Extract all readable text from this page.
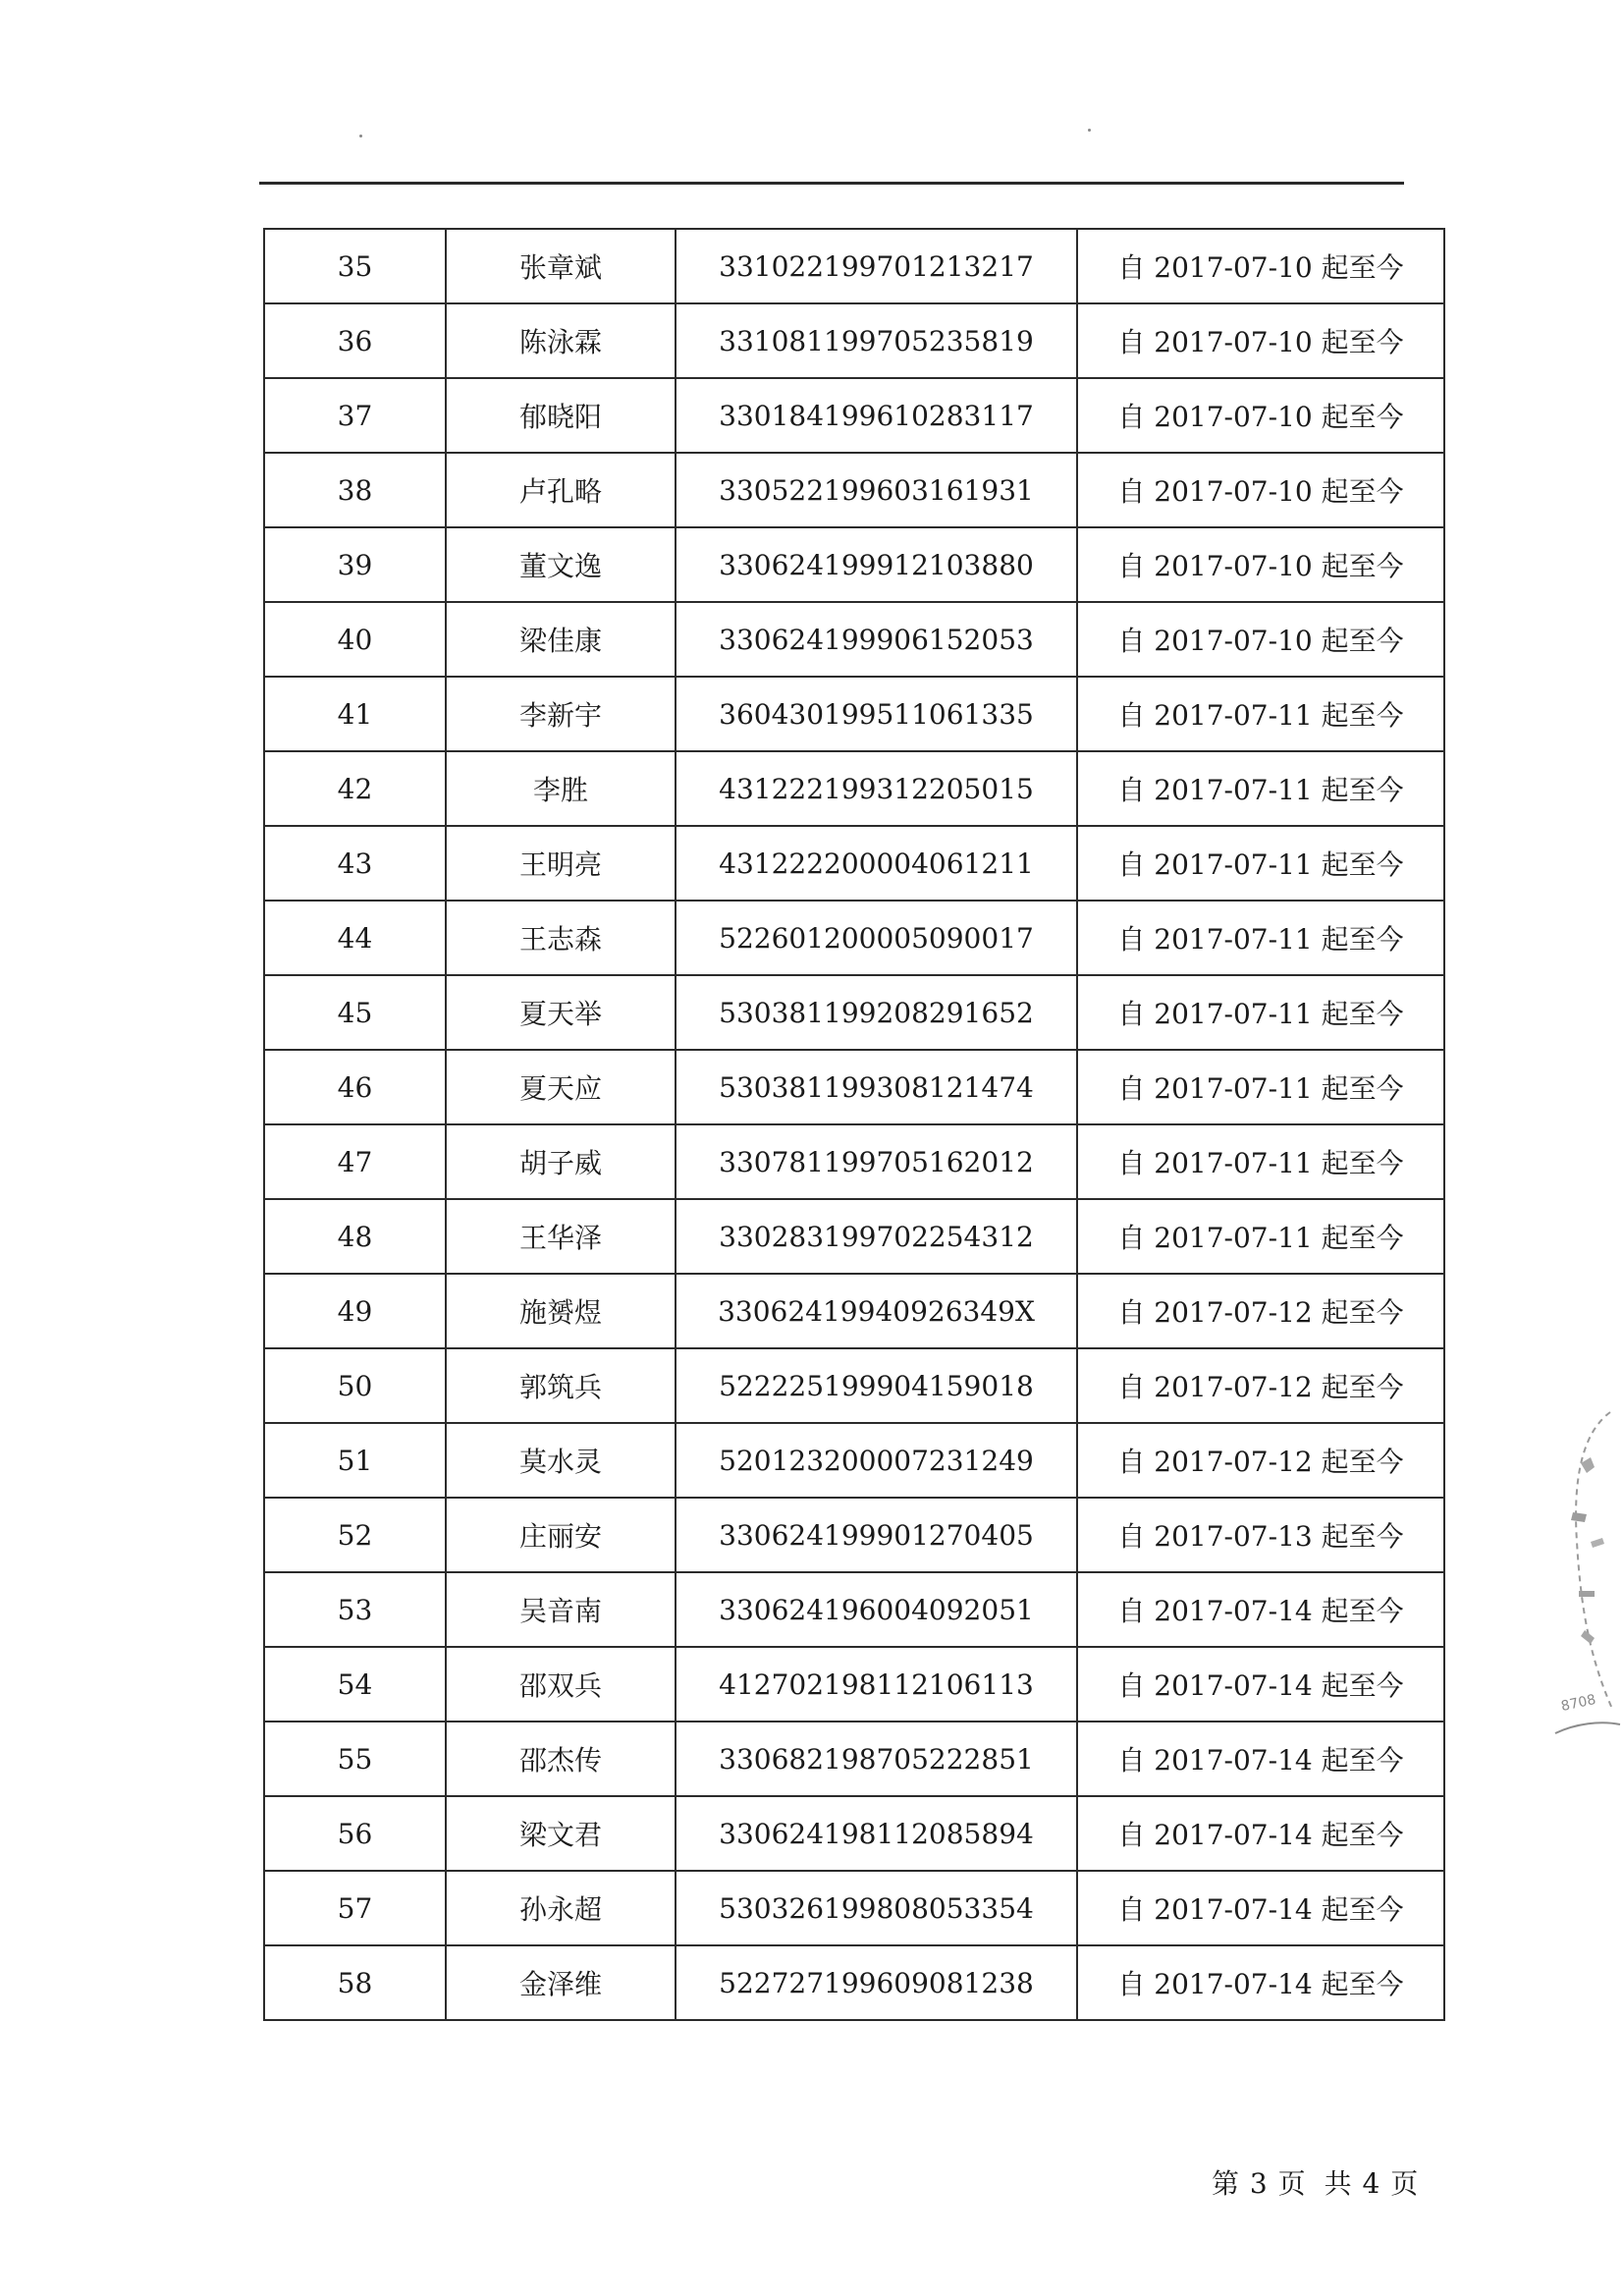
35	张章斌	331022199701213217	自 2017-07-10 起至今
36	陈泳霖	331081199705235819	自 2017-07-10 起至今
37	郁晓阳	330184199610283117	自 2017-07-10 起至今
38	卢孔略	330522199603161931	自 2017-07-10 起至今
39	董文逸	330624199912103880	自 2017-07-10 起至今
40	梁佳康	330624199906152053	自 2017-07-10 起至今
41	李新宇	360430199511061335	自 2017-07-11 起至今
42	李胜	431222199312205015	自 2017-07-11 起至今
43	王明亮	431222200004061211	自 2017-07-11 起至今
44	王志森	522601200005090017	自 2017-07-11 起至今
45	夏天举	530381199208291652	自 2017-07-11 起至今
46	夏天应	530381199308121474	自 2017-07-11 起至今
47	胡子威	330781199705162012	自 2017-07-11 起至今
48	王华泽	330283199702254312	自 2017-07-11 起至今
49	施赟煜	33062419940926349X	自 2017-07-12 起至今
50	郭筑兵	522225199904159018	自 2017-07-12 起至今
51	莫水灵	520123200007231249	自 2017-07-12 起至今
52	庄丽安	330624199901270405	自 2017-07-13 起至今
53	吴音南	330624196004092051	自 2017-07-14 起至今
54	邵双兵	412702198112106113	自 2017-07-14 起至今
55	邵杰传	330682198705222851	自 2017-07-14 起至今
56	梁文君	330624198112085894	自 2017-07-14 起至今
57	孙永超	530326199808053354	自 2017-07-14 起至今
58	金泽维	522727199609081238	自 2017-07-14 起至今
8708
第 3 页 共 4 页
